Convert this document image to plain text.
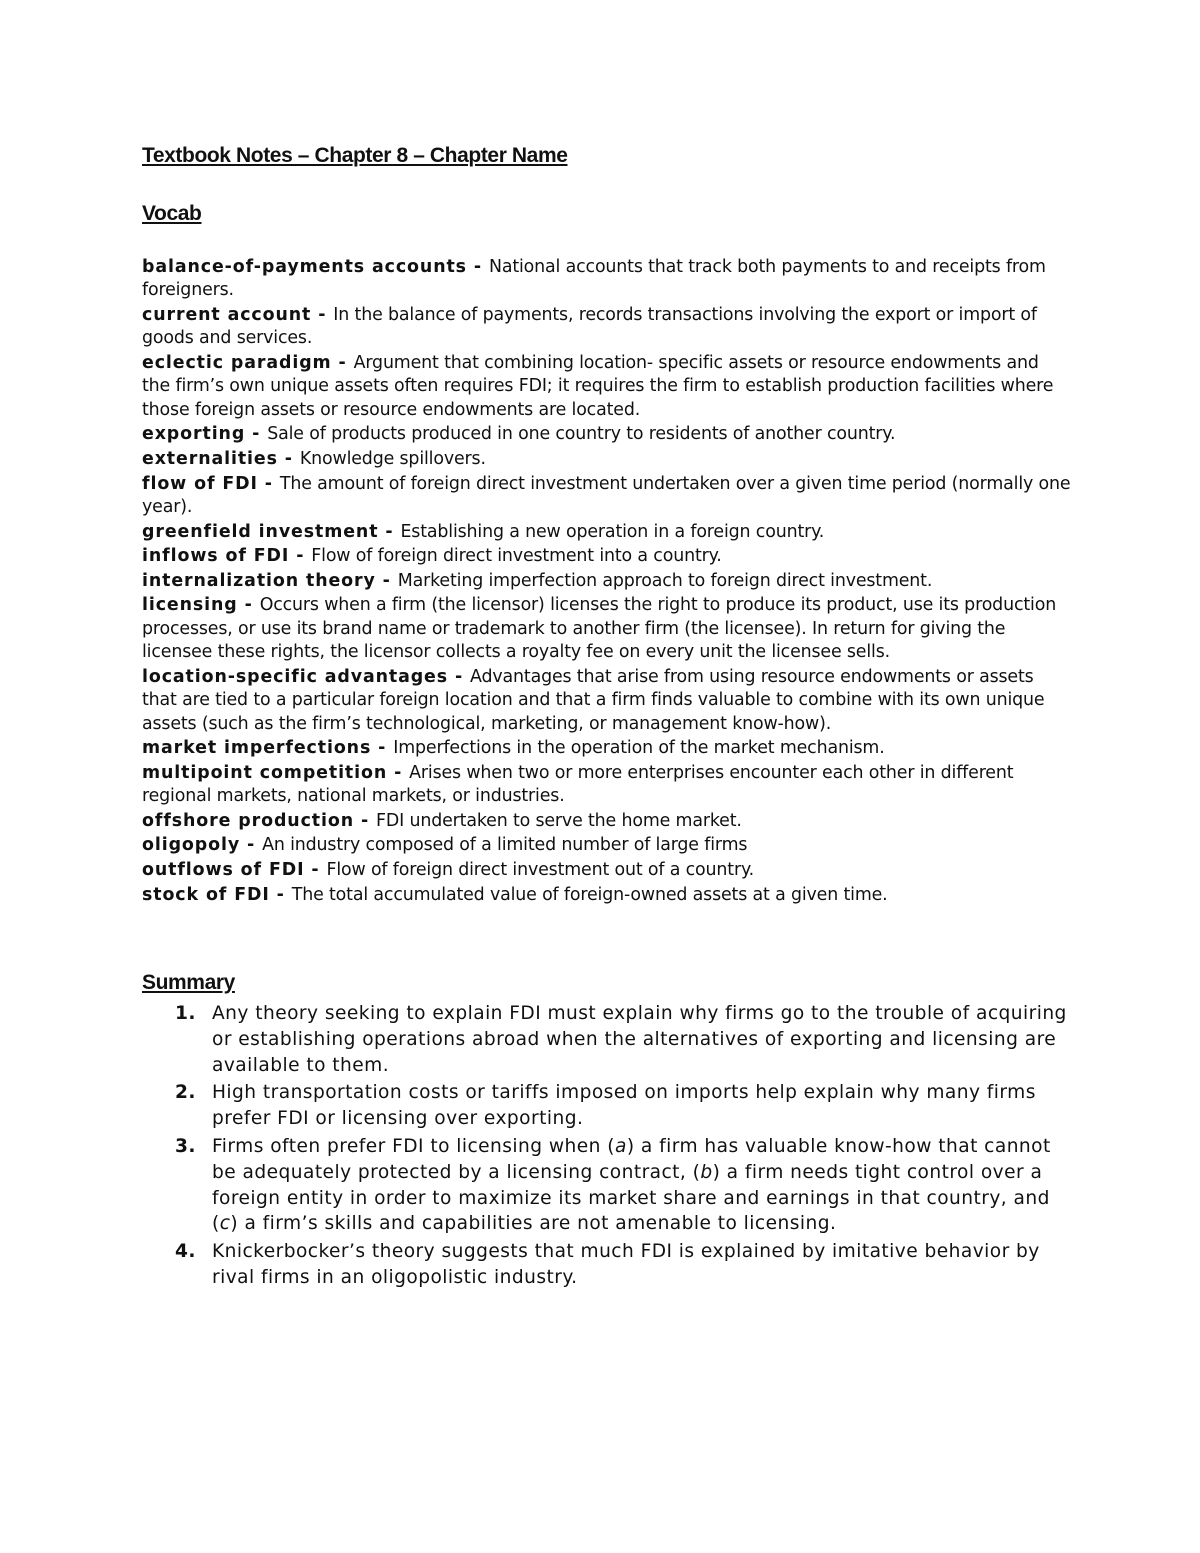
Textbook Notes – Chapter 8 – Chapter Name
Vocab
balance-of-payments accounts - National accounts that track both payments to and receipts from foreigners.
current account - In the balance of payments, records transactions involving the export or import of goods and services.
eclectic paradigm - Argument that combining location- specific assets or resource endowments and the firm’s own unique assets often requires FDI; it requires the firm to establish production facilities where those foreign assets or resource endowments are located.
exporting - Sale of products produced in one country to residents of another country.
externalities - Knowledge spillovers.
flow of FDI - The amount of foreign direct investment undertaken over a given time period (normally one year).
greenfield investment - Establishing a new operation in a foreign country.
inflows of FDI - Flow of foreign direct investment into a country.
internalization theory - Marketing imperfection approach to foreign direct investment.
licensing - Occurs when a firm (the licensor) licenses the right to produce its product, use its production processes, or use its brand name or trademark to another firm (the licensee). In return for giving the licensee these rights, the licensor collects a royalty fee on every unit the licensee sells.
location-specific advantages - Advantages that arise from using resource endowments or assets that are tied to a particular foreign location and that a firm finds valuable to combine with its own unique assets (such as the firm’s technological, marketing, or management know-how).
market imperfections - Imperfections in the operation of the market mechanism.
multipoint competition - Arises when two or more enterprises encounter each other in different regional markets, national markets, or industries.
offshore production - FDI undertaken to serve the home market.
oligopoly - An industry composed of a limited number of large firms
outflows of FDI - Flow of foreign direct investment out of a country.
stock of FDI - The total accumulated value of foreign-owned assets at a given time.
Summary
1. Any theory seeking to explain FDI must explain why firms go to the trouble of acquiring or establishing operations abroad when the alternatives of exporting and licensing are available to them.
2. High transportation costs or tariffs imposed on imports help explain why many firms prefer FDI or licensing over exporting.
3. Firms often prefer FDI to licensing when (a) a firm has valuable know-how that cannot be adequately protected by a licensing contract, (b) a firm needs tight control over a foreign entity in order to maximize its market share and earnings in that country, and (c) a firm’s skills and capabilities are not amenable to licensing.
4. Knickerbocker’s theory suggests that much FDI is explained by imitative behavior by rival firms in an oligopolistic industry.
